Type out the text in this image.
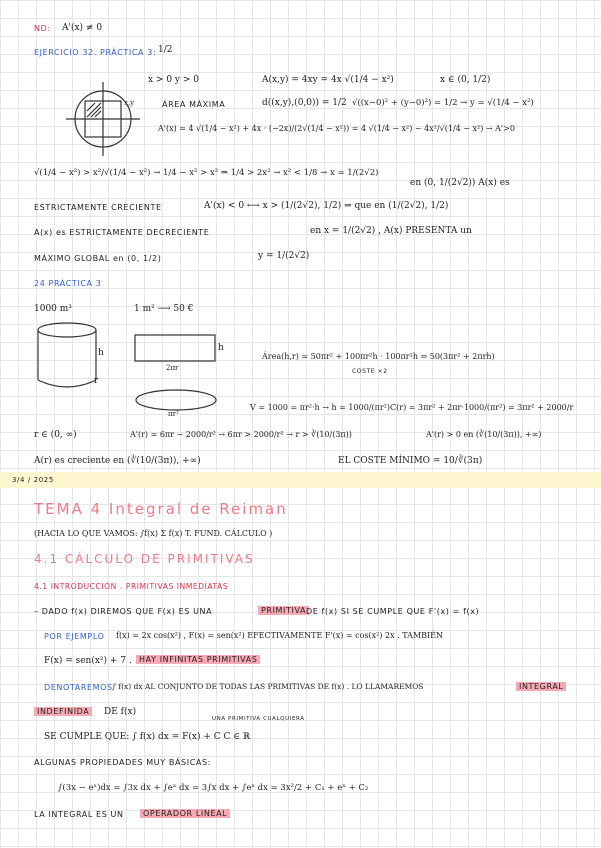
ND: A'(x) ≠ 0
EJERCICIO 32. PRÁCTICA 3: 1/2
x > 0 y > 0	A(x,y) = 4xy = 4x √(1/4 − x²)	x ∈ (0, 1/2)
x,y	ÁREA MÁXIMA	d((x,y),(0,0)) = 1/2 √((x−0)² + (y−0)²) = 1/2 → y = √(1/4 − x²)
A'(x) = 4 √(1/4 − x²) + 4x · (−2x)/(2√(1/4 − x²)) = 4 √(1/4 − x²) − 4x²/√(1/4 − x²) → A'>0
√(1/4 − x²) > x²/√(1/4 − x²) → 1/4 − x² > x² ⇒ 1/4 > 2x² → x² < 1/8 → x = 1/(2√2)
en (0, 1/(2√2)) A(x) es
ESTRICTAMENTE CRECIENTE	A'(x) < 0 ⟷ x > (1/(2√2), 1/2) ⇒ que en (1/(2√2), 1/2)
A(x) es ESTRICTAMENTE DECRECIENTE	en x = 1/(2√2) , A(x) PRESENTA un
MÁXIMO GLOBAL en (0, 1/2)	y = 1/(2√2)
24 PRÁCTICA 3
1000 m³	1 m² ⟶ 50 €
h
r
h
2πr
πr²
Área(h,r) = 50πr² + 100πr²h · 100πr²h ⇒ 50(3πr² + 2πrh)
COSTE ×2
V = 1000 = πr²·h → h = 1000/(πr²) C(r) = 3πr² + 2πr·1000/(πr²) = 3πr² + 2000/r
r ∈ (0, ∞)	A'(r) = 6πr − 2000/r² → 6πr > 2000/r² → r > ∛(10/(3π))	A'(r) > 0 en (∛(10/(3π)), +∞)
A(r) es creciente en (∛(10/(3π)), +∞)	EL COSTE MÍNIMO = 10/∛(3π)
3/4 / 2025
TEMA 4 Integral de Reiman
(HACIA LO QUE VAMOS: ∫f(x) Σ f(x) T. FUND. CÁLCULO )
4.1 CÁLCULO DE PRIMITIVAS
4.1 INTRODUCCIÓN . PRIMITIVAS INMEDIATAS
– DADO f(x) DIREMOS QUE F(x) ES UNA	PRIMITIVA DE f(x) SI SE CUMPLE QUE F'(x) = f(x)
POR EJEMPLO f(x) = 2x cos(x²) , F(x) = sen(x²) EFECTIVAMENTE F'(x) = cos(x²) 2x . TAMBIÉN
F(x) = sen(x²) + 7 . HAY INFINITAS PRIMITIVAS
DENOTAREMOS ∫ f(x) dx AL CONJUNTO DE TODAS LAS PRIMITIVAS DE f(x) . LO LLAMAREMOS	INTEGRAL
INDEFINIDA	DE f(x)
UNA PRIMITIVA CUALQUIERA
SE CUMPLE QUE: ∫ f(x) dx = F(x) + C C ∈ ℝ
ALGUNAS PROPIEDADES MUY BÁSICAS:
∫(3x − eˣ)dx = ∫3x dx + ∫eˣ dx = 3∫x dx + ∫eˣ dx = 3x²/2 + C₁ + eˣ + C₂
LA INTEGRAL ES UN	OPERADOR LINEAL
